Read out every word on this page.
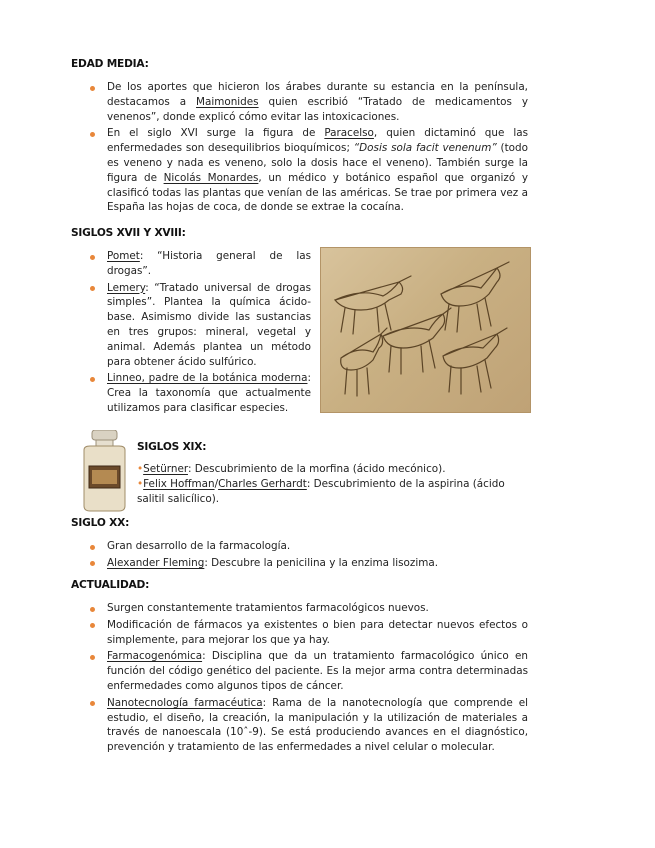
EDAD MEDIA:
De los aportes que hicieron los árabes durante su estancia en la península, destacamos a Maimonides quien escribió “Tratado de medicamentos y venenos”, donde explicó cómo evitar las intoxicaciones.
En el siglo XVI surge la figura de Paracelso, quien dictaminó que las enfermedades son desequilibrios bioquímicos; “Dosis sola facit venenum” (todo es veneno y nada es veneno, solo la dosis hace el veneno). También surge la figura de Nicolás Monardes, un médico y botánico español que organizó y clasificó todas las plantas que venían de las américas. Se trae por primera vez a España las hojas de coca, de donde se extrae la cocaína.
SIGLOS XVII Y XVIII:
Pomet: “Historia general de las drogas”.
Lemery: “Tratado universal de drogas simples”. Plantea la química ácido-base. Asimismo divide las sustancias en tres grupos: mineral, vegetal y animal. Además plantea un método para obtener ácido sulfúrico.
Linneo, padre de la botánica moderna: Crea la taxonomía que actualmente utilizamos para clasificar especies.
SIGLOS XIX:
•Setürner: Descubrimiento de la morfina (ácido mecónico).
•Felix Hoffman/Charles Gerhardt: Descubrimiento de la aspirina (ácido salitil salicílico).
SIGLO XX:
Gran desarrollo de la farmacología.
Alexander Fleming: Descubre la penicilina y la enzima lisozima.
ACTUALIDAD:
Surgen constantemente tratamientos farmacológicos nuevos.
Modificación de fármacos ya existentes o bien para detectar nuevos efectos o simplemente, para mejorar los que ya hay.
Farmacogenómica: Disciplina que da un tratamiento farmacológico único en función del código genético del paciente. Es la mejor arma contra determinadas enfermedades como algunos tipos de cáncer.
Nanotecnología farmacéutica: Rama de la nanotecnología que comprende el estudio, el diseño, la creación, la manipulación y la utilización de materiales a través de nanoescala (10ˆ-9). Se está produciendo avances en el diagnóstico, prevención y tratamiento de las enfermedades a nivel celular o molecular.
